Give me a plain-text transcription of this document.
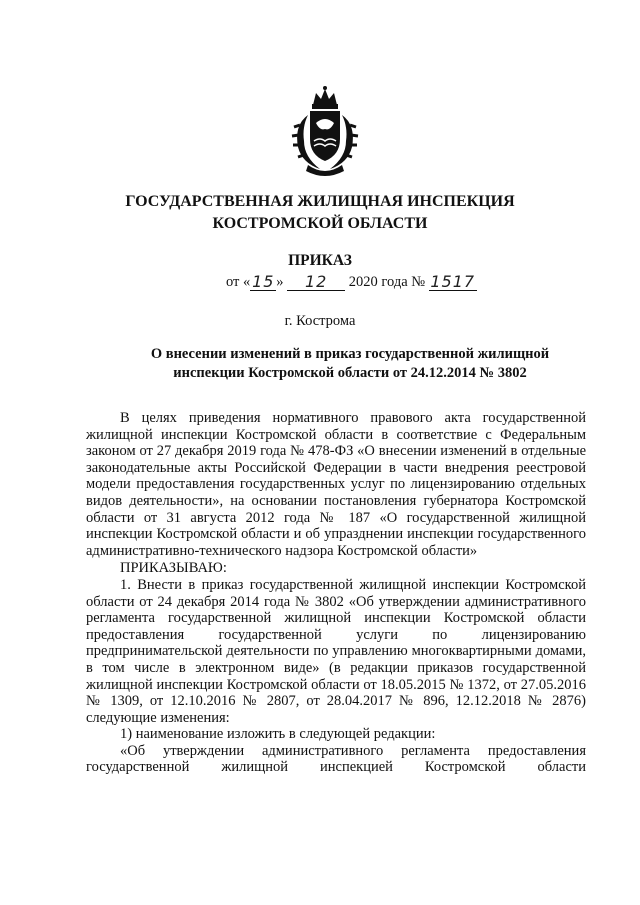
ГОСУДАРСТВЕННАЯ ЖИЛИЩНАЯ ИНСПЕКЦИЯ
КОСТРОМСКОЙ ОБЛАСТИ
ПРИКАЗ
от « 15 » 12 2020 года № 1517
г. Кострома
О внесении изменений в приказ государственной жилищной инспекции Костромской области от 24.12.2014 № 3802

В целях приведения нормативного правового акта государственной жилищной инспекции Костромской области в соответствие с Федеральным законом от 27 декабря 2019 года № 478-ФЗ «О внесении изменений в отдельные законодательные акты Российской Федерации в части внедрения реестровой модели предоставления государственных услуг по лицензированию отдельных видов деятельности», на основании постановления губернатора Костромской области от 31 августа 2012 года № 187 «О государственной жилищной инспекции Костромской области и об упразднении инспекции государственного административно-технического надзора Костромской области»

ПРИКАЗЫВАЮ:

1. Внести в приказ государственной жилищной инспекции Костромской области от 24 декабря 2014 года № 3802 «Об утверждении административного регламента государственной жилищной инспекции Костромской области предоставления государственной услуги по лицензированию предпринимательской деятельности по управлению многоквартирными домами, в том числе в электронном виде» (в редакции приказов государственной жилищной инспекции Костромской области от 18.05.2015 № 1372, от 27.05.2016 № 1309, от 12.10.2016 № 2807, от 28.04.2017 № 896, 12.12.2018 № 2876) следующие изменения:

1) наименование изложить в следующей редакции:

«Об утверждении административного регламента предоставления государственной жилищной инспекцией Костромской области
